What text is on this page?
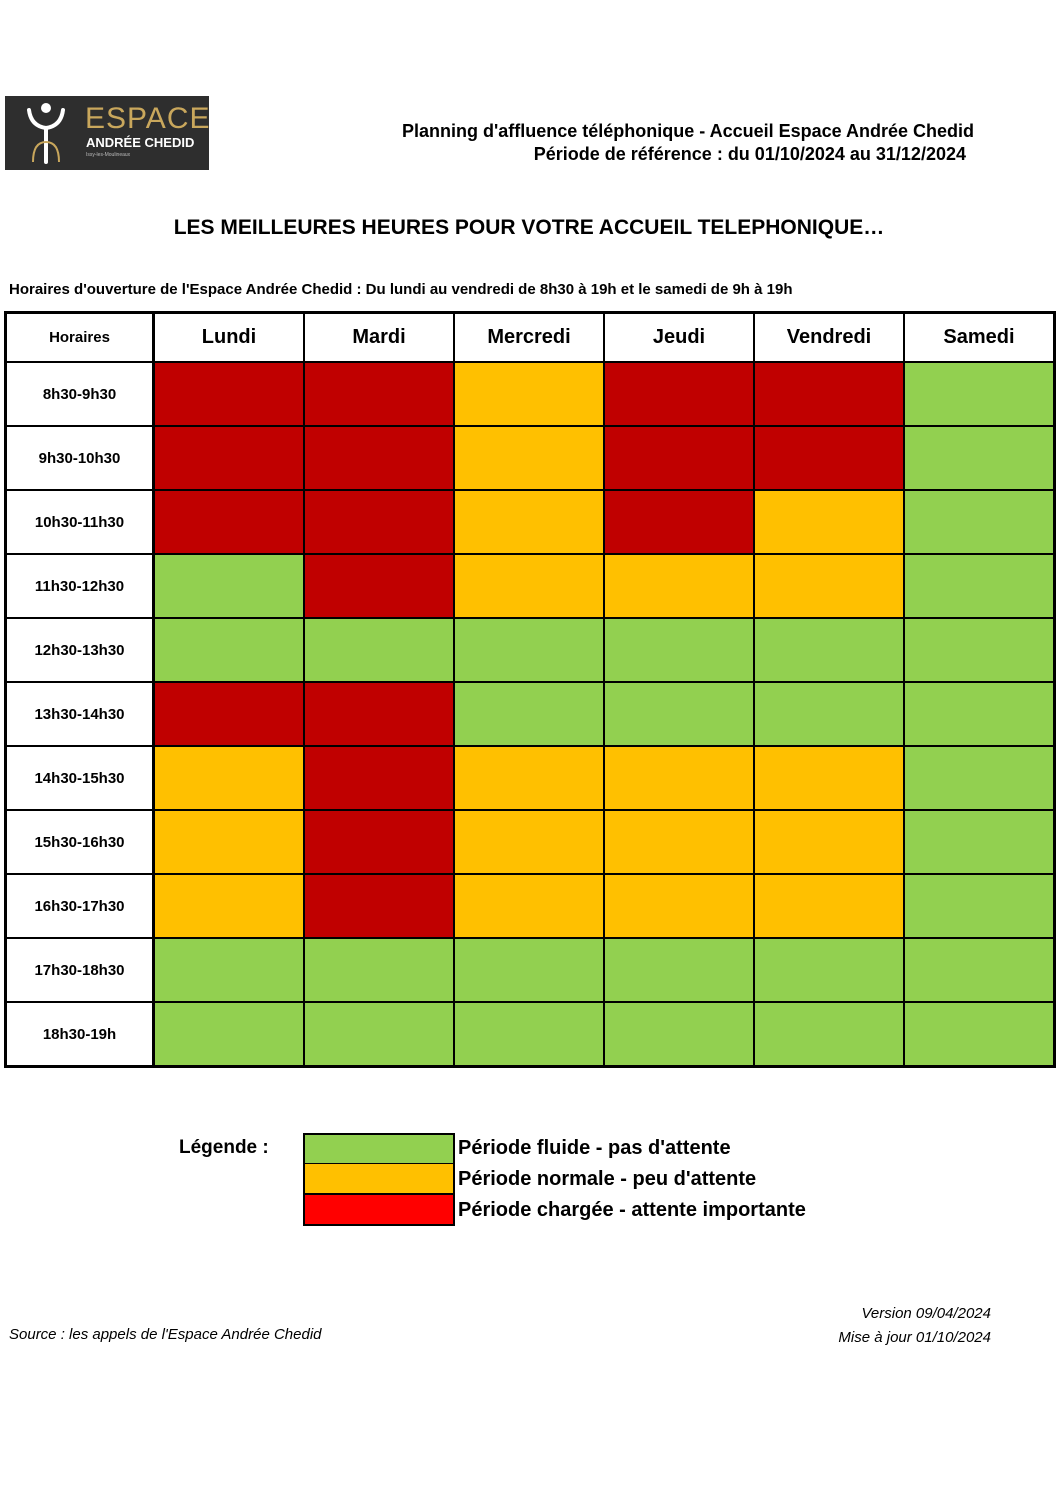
ESPACE
ANDRÉE CHEDID
Issy-les-Moulineaux
Planning d'affluence téléphonique - Accueil Espace Andrée Chedid
Période de référence : du 01/10/2024 au 31/12/2024
LES MEILLEURES HEURES POUR VOTRE ACCUEIL TELEPHONIQUE…
Horaires d'ouverture de l'Espace Andrée Chedid : Du lundi au vendredi de 8h30 à 19h et le samedi de 9h à 19h
Horaires	Lundi	Mardi	Mercredi	Jeudi	Vendredi	Samedi
8h30-9h30						
9h30-10h30						
10h30-11h30						
11h30-12h30						
12h30-13h30						
13h30-14h30						
14h30-15h30						
15h30-16h30						
16h30-17h30						
17h30-18h30						
18h30-19h						
Légende :	Période fluide - pas d'attente
Période normale - peu d'attente
Période chargée - attente importante
Source : les appels de l'Espace Andrée Chedid
Version 09/04/2024
Mise à jour 01/10/2024
